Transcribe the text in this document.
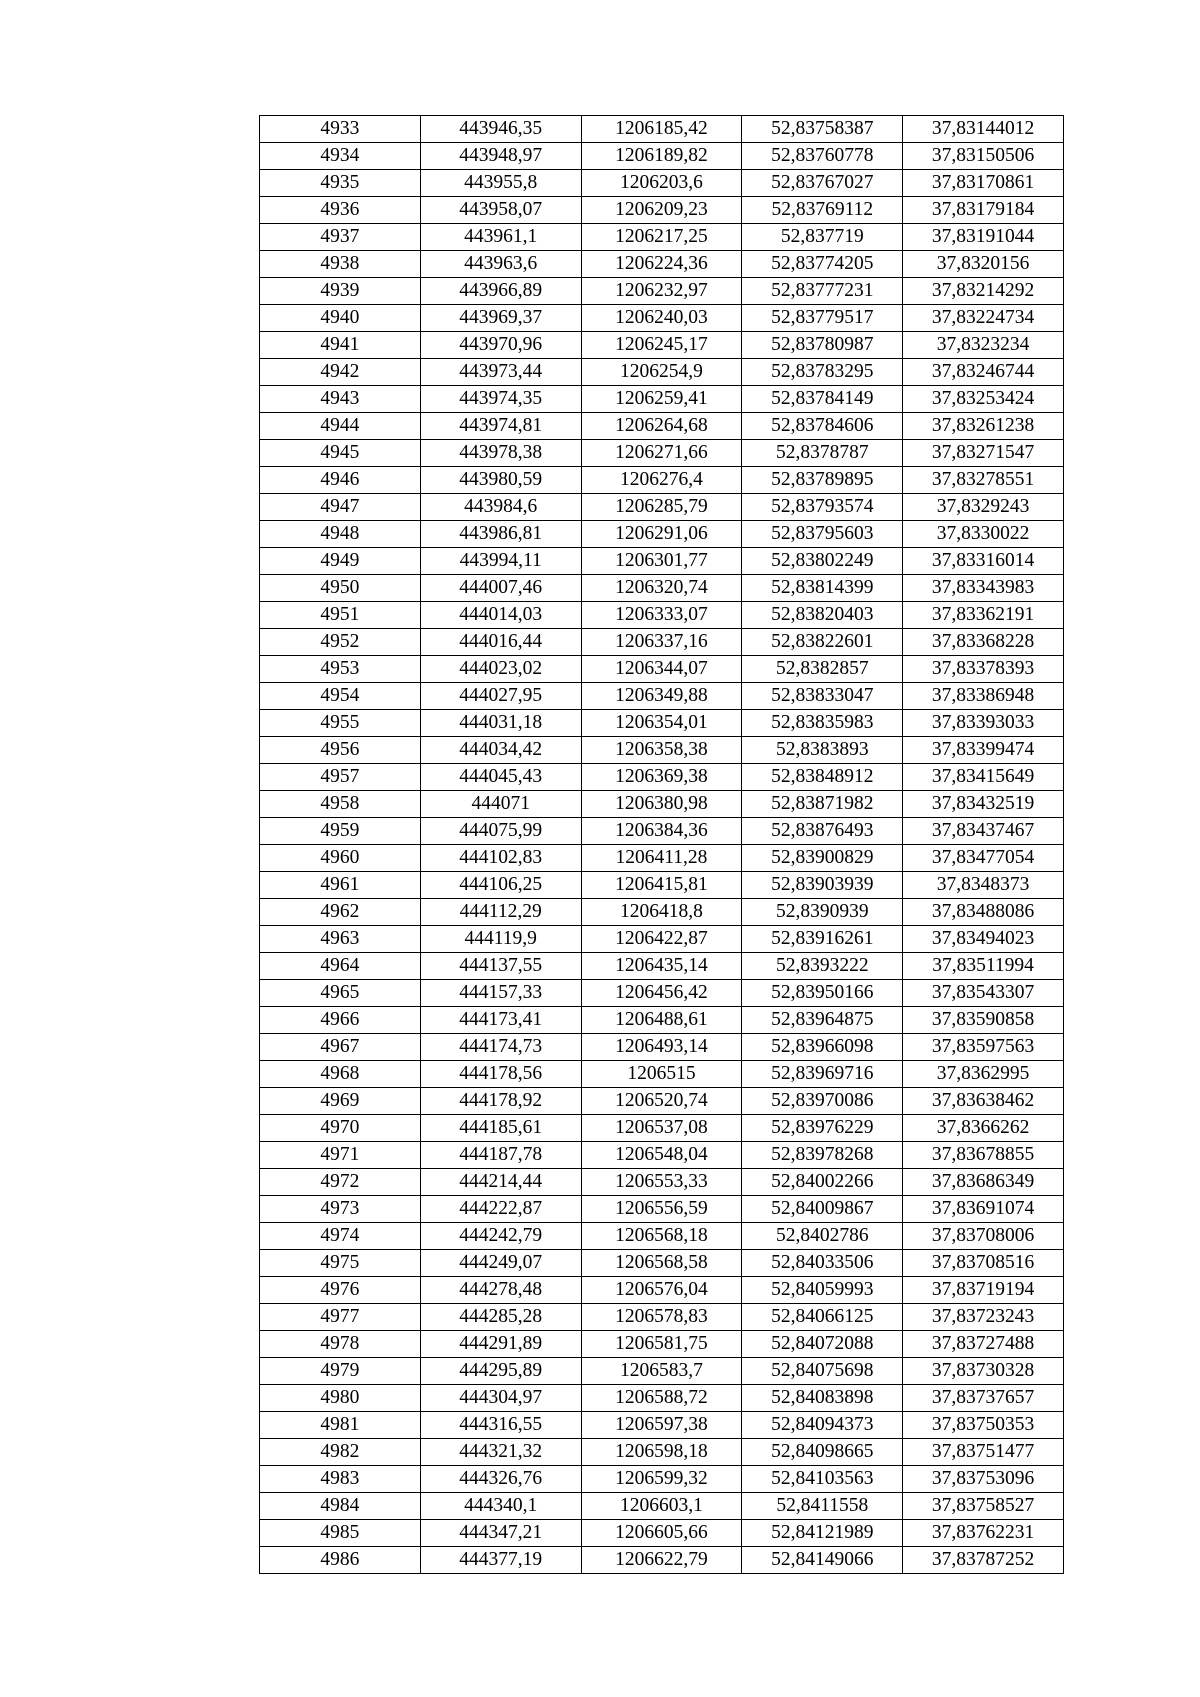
4933	443946,35	1206185,42	52,83758387	37,83144012
4934	443948,97	1206189,82	52,83760778	37,83150506
4935	443955,8	1206203,6	52,83767027	37,83170861
4936	443958,07	1206209,23	52,83769112	37,83179184
4937	443961,1	1206217,25	52,837719	37,83191044
4938	443963,6	1206224,36	52,83774205	37,8320156
4939	443966,89	1206232,97	52,83777231	37,83214292
4940	443969,37	1206240,03	52,83779517	37,83224734
4941	443970,96	1206245,17	52,83780987	37,8323234
4942	443973,44	1206254,9	52,83783295	37,83246744
4943	443974,35	1206259,41	52,83784149	37,83253424
4944	443974,81	1206264,68	52,83784606	37,83261238
4945	443978,38	1206271,66	52,8378787	37,83271547
4946	443980,59	1206276,4	52,83789895	37,83278551
4947	443984,6	1206285,79	52,83793574	37,8329243
4948	443986,81	1206291,06	52,83795603	37,8330022
4949	443994,11	1206301,77	52,83802249	37,83316014
4950	444007,46	1206320,74	52,83814399	37,83343983
4951	444014,03	1206333,07	52,83820403	37,83362191
4952	444016,44	1206337,16	52,83822601	37,83368228
4953	444023,02	1206344,07	52,8382857	37,83378393
4954	444027,95	1206349,88	52,83833047	37,83386948
4955	444031,18	1206354,01	52,83835983	37,83393033
4956	444034,42	1206358,38	52,8383893	37,83399474
4957	444045,43	1206369,38	52,83848912	37,83415649
4958	444071	1206380,98	52,83871982	37,83432519
4959	444075,99	1206384,36	52,83876493	37,83437467
4960	444102,83	1206411,28	52,83900829	37,83477054
4961	444106,25	1206415,81	52,83903939	37,8348373
4962	444112,29	1206418,8	52,8390939	37,83488086
4963	444119,9	1206422,87	52,83916261	37,83494023
4964	444137,55	1206435,14	52,8393222	37,83511994
4965	444157,33	1206456,42	52,83950166	37,83543307
4966	444173,41	1206488,61	52,83964875	37,83590858
4967	444174,73	1206493,14	52,83966098	37,83597563
4968	444178,56	1206515	52,83969716	37,8362995
4969	444178,92	1206520,74	52,83970086	37,83638462
4970	444185,61	1206537,08	52,83976229	37,8366262
4971	444187,78	1206548,04	52,83978268	37,83678855
4972	444214,44	1206553,33	52,84002266	37,83686349
4973	444222,87	1206556,59	52,84009867	37,83691074
4974	444242,79	1206568,18	52,8402786	37,83708006
4975	444249,07	1206568,58	52,84033506	37,83708516
4976	444278,48	1206576,04	52,84059993	37,83719194
4977	444285,28	1206578,83	52,84066125	37,83723243
4978	444291,89	1206581,75	52,84072088	37,83727488
4979	444295,89	1206583,7	52,84075698	37,83730328
4980	444304,97	1206588,72	52,84083898	37,83737657
4981	444316,55	1206597,38	52,84094373	37,83750353
4982	444321,32	1206598,18	52,84098665	37,83751477
4983	444326,76	1206599,32	52,84103563	37,83753096
4984	444340,1	1206603,1	52,8411558	37,83758527
4985	444347,21	1206605,66	52,84121989	37,83762231
4986	444377,19	1206622,79	52,84149066	37,83787252
